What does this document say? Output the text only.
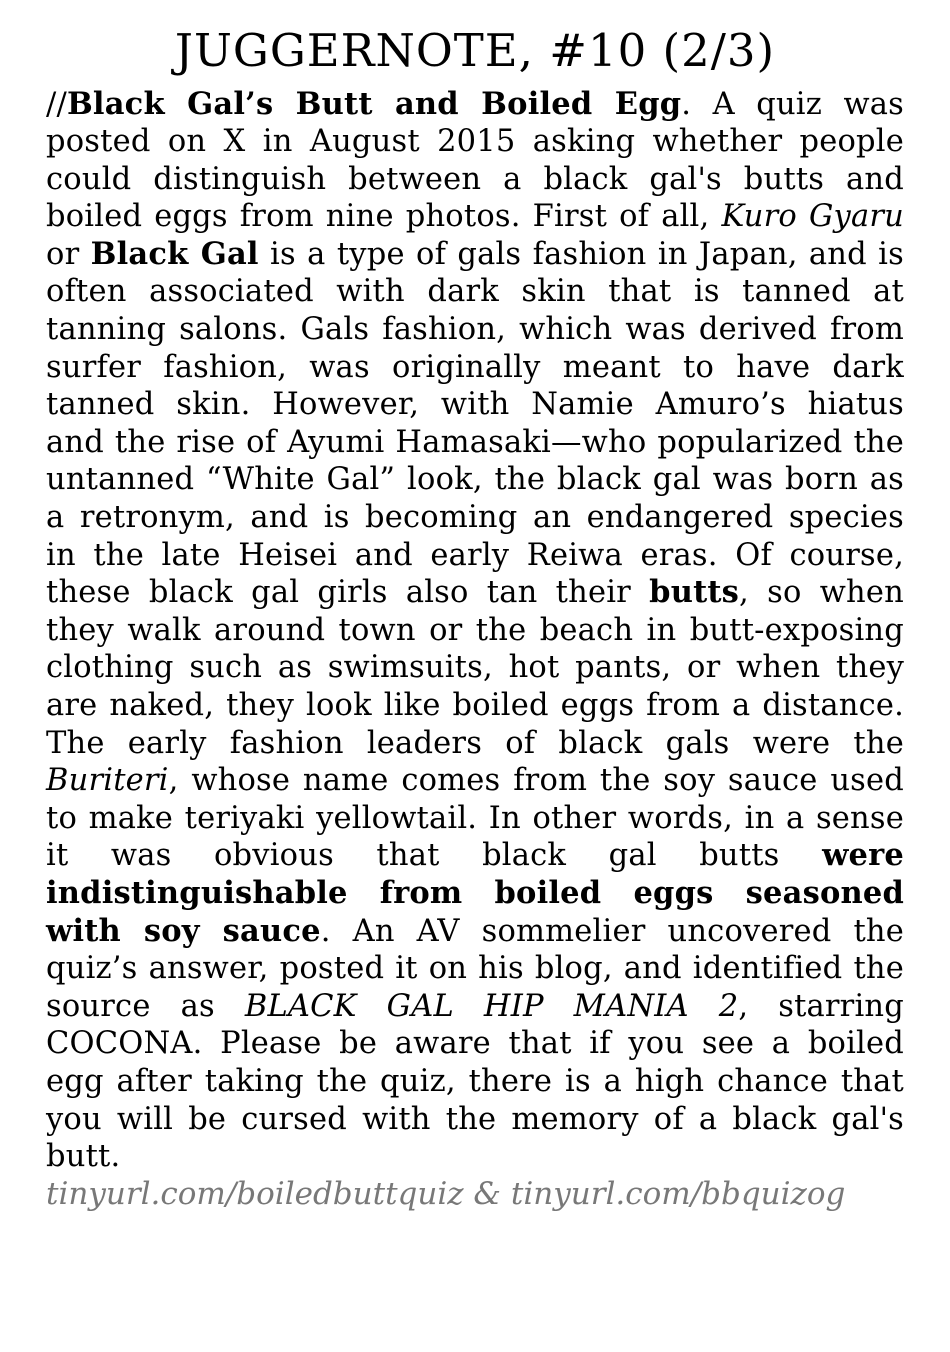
JUGGERNOTE, #10 (2/3)
//Black Gal’s Butt and Boiled Egg. A quiz was posted on X in August 2015 asking whether people could distinguish between a black gal's butts and boiled eggs from nine photos. First of all, Kuro Gyaru or Black Gal is a type of gals fashion in Japan, and is often associated with dark skin that is tanned at tanning salons. Gals fashion, which was derived from surfer fashion, was originally meant to have dark tanned skin. However, with Namie Amuro’s hiatus and the rise of Ayumi Hamasaki—who popularized the untanned “White Gal” look, the black gal was born as a retronym, and is becoming an endangered species in the late Heisei and early Reiwa eras. Of course, these black gal girls also tan their butts, so when they walk around town or the beach in butt-exposing clothing such as swimsuits, hot pants, or when they are naked, they look like boiled eggs from a distance. The early fashion leaders of black gals were the Buriteri, whose name comes from the soy sauce used to make teriyaki yellowtail. In other words, in a sense it was obvious that black gal butts were indistinguishable from boiled eggs seasoned with soy sauce. An AV sommelier uncovered the quiz’s answer, posted it on his blog, and identified the source as BLACK GAL HIP MANIA 2, starring COCONA. Please be aware that if you see a boiled egg after taking the quiz, there is a high chance that you will be cursed with the memory of a black gal's butt.
tinyurl.com/boiledbuttquiz & tinyurl.com/bbquizog
